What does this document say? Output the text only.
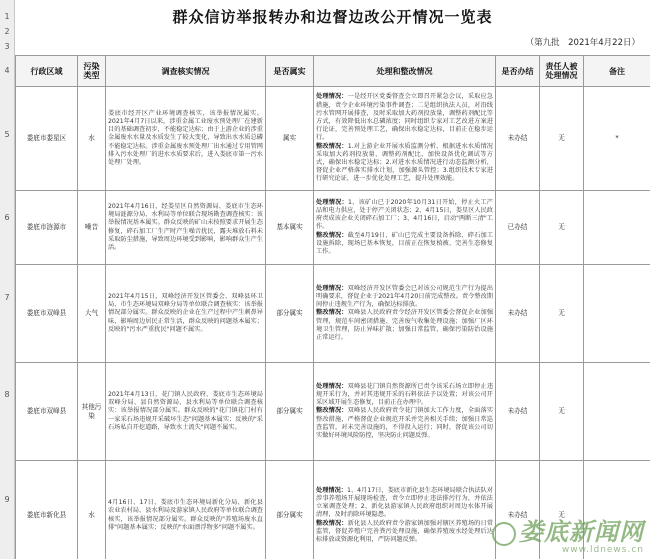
1
2
3
4
5
6
7
8
9
群众信访举报转办和边督边改公开情况一览表
（第九批　2021年4月22日）
行政区域	污染类型	调查核实情况	是否属实	处理和整改情况	是否办结	责任人被处理情况	备注
娄底市娄星区	水	娄底市经开区产业环境调查核实，该举报情况属实。2021年4月7日以来，涉重金属工业废水预处理厂在建新目的基础调查初步，不能稳定达标；由于上游企业的涉重金属废水水量及水质发生了较大变化，导致出水水质总磷不能稳定达标。涉重金属废水预处理厂出水通过专用管网排入污水处理厂的进水水质要求后，进入娄底市第一污水处理厂处理。	属实	处理情况：一是经开区党委督查会立即召开紧急会议，采取应急措施，责令企业环境污染事件调查；二是组织执法人员，对沿线污水管网开展排查，及时采取加大药剂投放量，调整药剂配比等方式，有效降低出水总磷浓度；同时组织专家对工艺改进方案进行论证，完善预处理工艺，确保出水稳定达标，目前正在稳步运行。
整改情况：1.对上游企业开展水质监测分析，根据进水水质情况采取加大药剂投放量、调整药剂配比，加快设备优化调试等方式，确保出水稳定达标；2.对进水水质情况进行动态监测分析，督促企业严格落实排水计划，加强源头管控；3.组织技术专家进行研究论证，进一步优化处理工艺，提升处理效能。	未办结	无	*
娄底市涟源市	噪音	2021年4月16日，经娄星区自然资源局、娄底市生态环境局涟源分局、水利局等单位联合现场勘查调查核实：该举报情况基本属实。群众反映的矿山未按照要求开展生态修复，碎石加工厂生产时产生噪音扰民，露天堆放石料未采取防尘措施，导致周边环境受到影响，影响群众生产生活。	基本属实	处理情况：1、该矿山已于2020年10月31日开始，停止火工产品和电力供应，处于停产关闭状态；2、4月15日，娄星区人民政府责成该企业关闭碎石加工厂；3、4月16日，启动"两断三清"工作。
整改情况：截至4月19日，矿山已完成主要设备拆除、碎石加工设施拆除，现场已基本恢复，目前正在恢复植被、完善生态修复工作。	已办结	无	
娄底市双峰县	大气	2021年4月15日，双峰经济开发区管委会、双峰县环卫局、市生态环境局双峰分局等单位联合调查核实：该举报情况部分属实。群众反映的企业在生产过程中产生刺鼻异味，影响周边居民正常生活，群众反映的问题基本属实；反映的"污水严重扰民"问题不属实。	部分属实	处理情况：双峰经济开发区管委会已对该公司规范生产行为提出明确要求，督促企业于2021年4月20日前完成整改。责令整改期间停止违规生产行为，确保达标排放。
整改情况：双峰县人民政府责令经济开发区管委会督促企业加强管理，规范车间密闭措施、完善废气收集处理设施；加强厂区环境卫生管理，防止异味扩散；加强日常监管，确保污染防治设施正常运行。	未办结	无	
娄底市双峰县	其他污染	2021年4月13日，花门镇人民政府、娄底市生态环境局双峰分局、县自然资源局、县水利局等单位联合调查核实：该举报情况部分属实。群众反映的"花门镇花门村有一家采石场违规开采破坏生态"问题基本属实；反映的"采石场私自开挖道路，导致水土流失"问题不属实。	部分属实	处理情况：双峰县花门镇自然资源所已责令该采石场立即停止违规开采行为，并对其违规开采的石料依法予以处置；对该公司开采区域开展生态修复，目前正在办理中。
整改情况：双峰县人民政府责令花门镇加大工作力度，全面落实整改措施，严格督促企业规范开采并完善相关手续；加强日常巡查监管，对未完善设施的，不得投入运行；同时，督促该公司切实做好环境风险防控，坚决防止问题反弹。	未办结	无	
娄底市新化县	水	4月16日、17日，娄底市生态环境局新化分局、新化县农业农村局、县水利局及游家镇人民政府等单位联合调查核实，该举报情况部分属实。群众反映的"养殖场废水直排"问题基本属实；反映的"水面漂浮物多"问题不属实。	部分属实	处理情况：1、4月17日，娄底市新化县生态环境局联合执法队对涉事养殖场开展现场检查，责令立即停止违法排污行为，并依法立案调查处理；2、新化县游家镇人民政府组织对周边水体开展清理，及时消除环境隐患。
整改情况：新化县人民政府责令游家镇加强对辖区养殖场的日常监管，督促养殖户完善粪污处理设施，确保养殖废水经处理后达标排放或资源化利用，严防问题反弹。	未办结	无	
娄底新闻网
www.ldnews.cn
